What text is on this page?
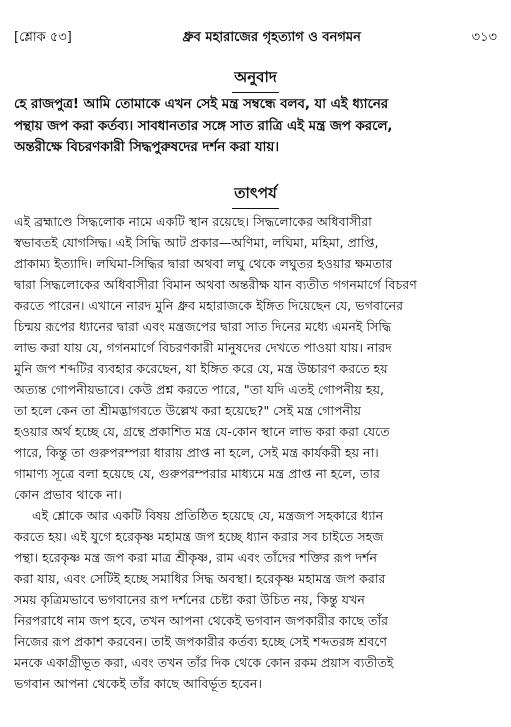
[শ্লোক ৫৩]	ধ্রুব মহারাজের গৃহত্যাগ ও বনগমন	৩১৩
অনুবাদ
হে রাজপুত্র! আমি তোমাকে এখন সেই মন্ত্র সম্বন্ধে বলব, যা এই ধ্যানের
পন্থায় জপ করা কর্তব্য। সাবধানতার সঙ্গে সাত রাত্রি এই মন্ত্র জপ করলে,
অন্তরীক্ষে বিচরণকারী সিদ্ধপুরুষদের দর্শন করা যায়।
তাৎপর্য
এই ব্রহ্মাণ্ডে সিদ্ধলোক নামে একটি স্থান রয়েছে। সিদ্ধলোকের অধিবাসীরা
স্বভাবতই যোগসিদ্ধ। এই সিদ্ধি আট প্রকার—অণিমা, লঘিমা, মহিমা, প্রাপ্তি,
প্রাকাম্য ইত্যাদি। লঘিমা-সিদ্ধির দ্বারা অথবা লঘু থেকে লঘুতর হওয়ার ক্ষমতার
দ্বারা সিদ্ধলোকের অধিবাসীরা বিমান অথবা অন্তরীক্ষ যান ব্যতীত গগনমার্গে বিচরণ
করতে পারেন। এখানে নারদ মুনি ধ্রুব মহারাজকে ইঙ্গিত দিয়েছেন যে, ভগবানের
চিন্ময় রূপের ধ্যানের দ্বারা এবং মন্ত্রজপের দ্বারা সাত দিনের মধ্যে এমনই সিদ্ধি
লাভ করা যায় যে, গগনমার্গে বিচরণকারী মানুষদের দেখতে পাওয়া যায়। নারদ
মুনি জপ শব্দটির ব্যবহার করেছেন, যা ইঙ্গিত করে যে, মন্ত্র উচ্চারণ করতে হয়
অত্যন্ত গোপনীয়ভাবে। কেউ প্রশ্ন করতে পারে, "তা যদি এতই গোপনীয় হয়,
তা হলে কেন তা শ্রীমদ্ভাগবতে উল্লেখ করা হয়েছে?" সেই মন্ত্র গোপনীয়
হওয়ার অর্থ হচ্ছে যে, গ্রন্থে প্রকাশিত মন্ত্র যে-কোন স্থানে লাভ করা করা যেতে
পারে, কিন্তু তা গুরুপরম্পরা ধারায় প্রাপ্ত না হলে, সেই মন্ত্র কার্যকরী হয় না।
গামাণ্য সূত্রে বলা হয়েছে যে, গুরুপরম্পরার মাধ্যমে মন্ত্র প্রাপ্ত না হলে, তার
কোন প্রভাব থাকে না।
এই শ্লোকে আর একটি বিষয় প্রতিষ্ঠিত হয়েছে যে, মন্ত্রজপ সহকারে ধ্যান
করতে হয়। এই যুগে হরেকৃষ্ণ মহামন্ত্র জপ হচ্ছে ধ্যান করার সব চাইতে সহজ
পন্থা। হরেকৃষ্ণ মন্ত্র জপ করা মাত্র শ্রীকৃষ্ণ, রাম এবং তাঁদের শক্তির রূপ দর্শন
করা যায়, এবং সেটিই হচ্ছে সমাধির সিদ্ধ অবস্থা। হরেকৃষ্ণ মহামন্ত্র জপ করার
সময় কৃত্রিমভাবে ভগবানের রূপ দর্শনের চেষ্টা করা উচিত নয়, কিন্তু যখন
নিরপরাধে নাম জপ হবে, তখন আপনা থেকেই ভগবান জপকারীর কাছে তাঁর
নিজের রূপ প্রকাশ করবেন। তাই জপকারীর কর্তব্য হচ্ছে সেই শব্দতরঙ্গ শ্রবণে
মনকে একাগ্রীভূত করা, এবং তখন তাঁর দিক থেকে কোন রকম প্রয়াস ব্যতীতই
ভগবান আপনা থেকেই তাঁর কাছে আবির্ভূত হবেন।
